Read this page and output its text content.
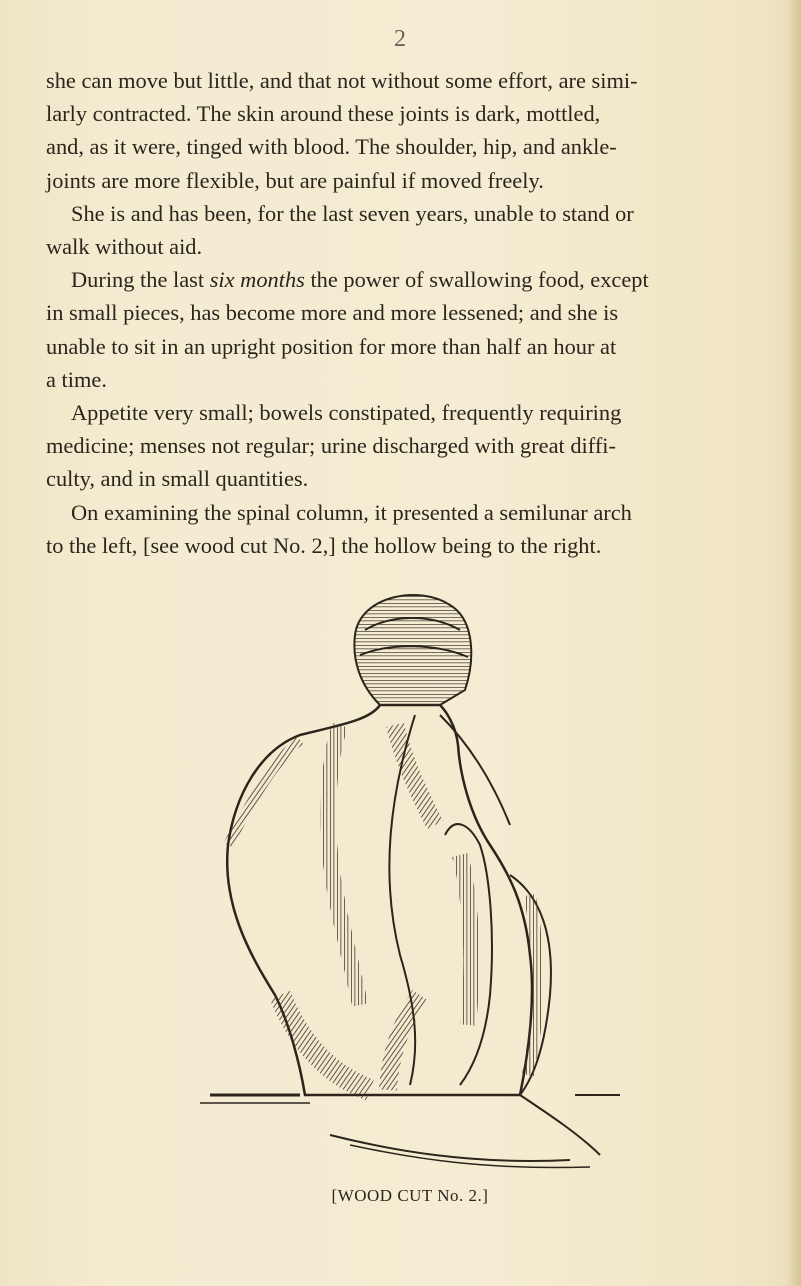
2

she can move but little, and that not without some effort, are simi-
larly contracted. The skin around these joints is dark, mottled,
and, as it were, tinged with blood. The shoulder, hip, and ankle-
joints are more flexible, but are painful if moved freely.

She is and has been, for the last seven years, unable to stand or
walk without aid.

During the last six months the power of swallowing food, except
in small pieces, has become more and more lessened; and she is
unable to sit in an upright position for more than half an hour at
a time.

Appetite very small; bowels constipated, frequently requiring
medicine; menses not regular; urine discharged with great diffi-
culty, and in small quantities.

On examining the spinal column, it presented a semilunar arch
to the left, [see wood cut No. 2,] the hollow being to the right.

[WOOD CUT No. 2.]
